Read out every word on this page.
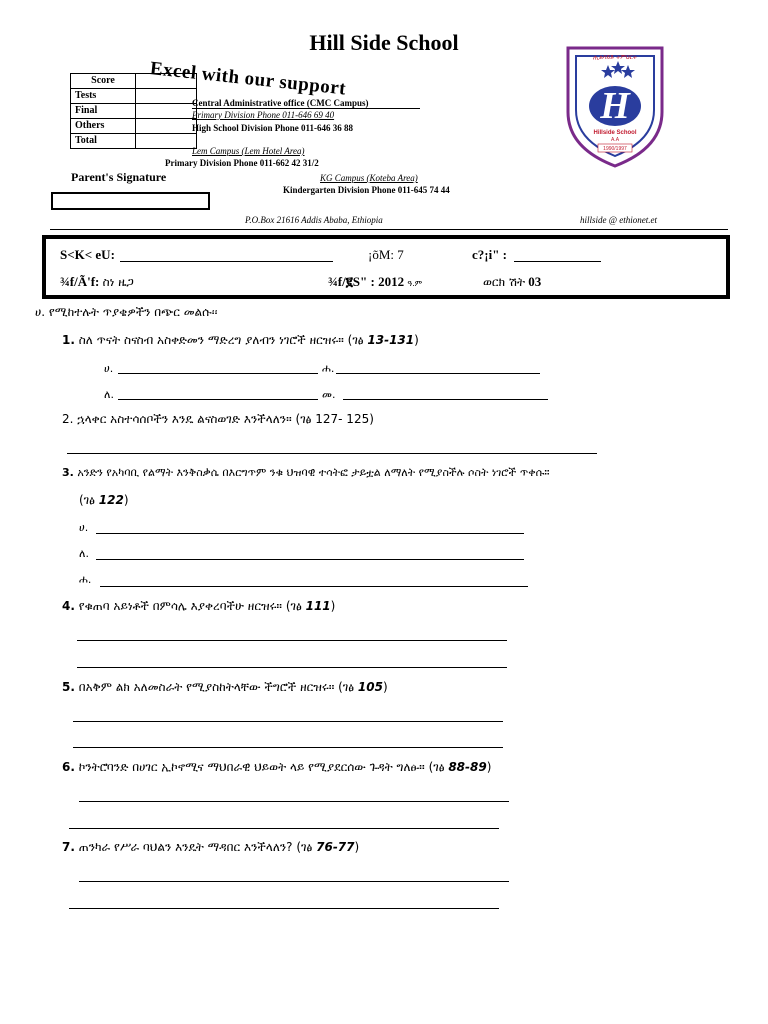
Hill Side School
Excel with our support
Score	
Tests	
Final	
Others	
Total	
Central Administrative office (CMC Campus)
Primary Division Phone 011-646 69 40
High School Division Phone 011-646 36 88
Lem Campus (Lem Hotel Area)
Primary Division Phone 011-662 42 31/2
KG Campus (Koteba Area)
Kindergarten Division Phone 011-645 74 44
Parent's Signature
P.O.Box 21616 Addis Ababa, Ethiopia	hillside @ ethionet.et
H
ሒልሳይድ ትምህርት
Hillside School
A.A
1990/1997
S<K< eU:	¡õM: 7	c?¡i" :
¾f/Ã'f: ስነ ዜጋ	¾f/፪S" : 2012 ዓ.ም	ወርክ ሽት 03
ሀ. የሚከተሉት ጥያቄዎችን በጭር መልሱ፡፡
1. ስለ ጥናት ስናስብ አስቀድመን ማድረግ ያለብን ነገሮች ዘርዝሩ። (ገፅ 13-131)
ሀ.	ሐ.
ለ.	መ.
2. ኋላቀር አስተሳሰቦችን እንዴ ልናስወገድ እንችላለን። (ገፅ 127- 125)
3. አንድን የአካባቢ የልማት እንቅስቃሴ በእርግጥም ንቁ ህዝባዊ ተሳትፎ ታይቷል ለማለት የሚያስችሉ ሶስት ነገሮች ጥቀሱ።
(ገፅ 122)
ሀ.
ለ.
ሐ.
4. የቁጠባ አይነቶች በምሳሌ እያቀረባችሁ ዘርዝሩ። (ገፅ 111)
5. በአቅም ልክ አለመስራት የሚያስከትላቸው ችግሮች ዘርዝሩ። (ገፅ 105)
6. ኮንትሮባንድ በሀገር ኢኮኖሚና ማህበራዊ ህይወት ላይ የሚያደርሰው ጉዳት ግለፁ። (ገፅ 88-89)
7. ጠንካራ የሥራ ባህልን እንዴት ማዳበር እንችላለን? (ገፅ 76-77)
